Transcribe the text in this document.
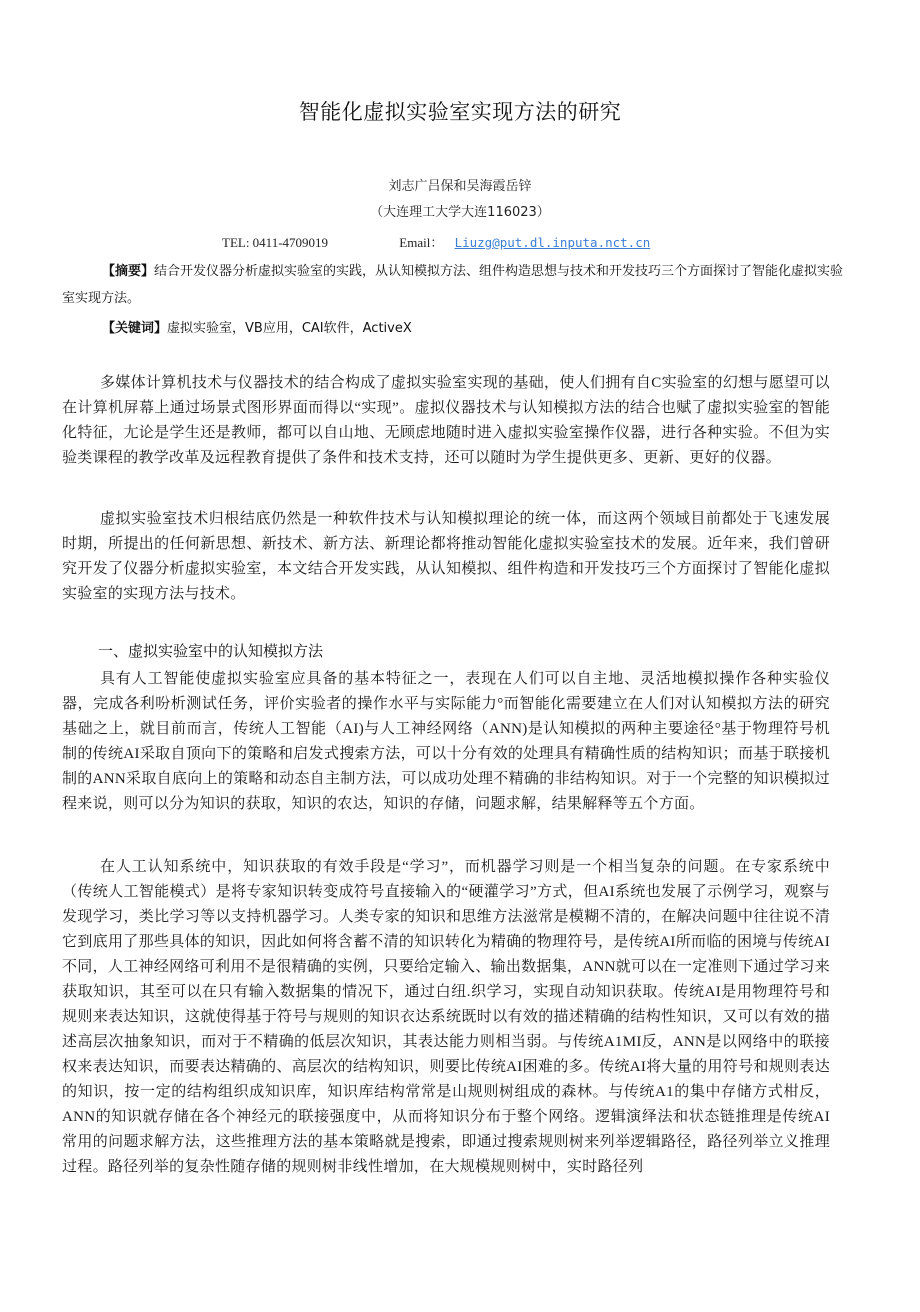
智能化虚拟实验室实现方法的研究
刘志广吕保和吴海霞岳锌
（大连理工大学大连116023）
TEL: 0411-4709019	Email： Liuzg@put.dl.inputa.nct.cn
【摘要】结合开发仪器分析虚拟实验室的实践，从认知模拟方法、组件构造思想与技术和开发技巧三个方面探讨了智能化虚拟实验室实现方法。
【关键词】虚拟实验室，VB应用，CAI软件，ActiveX

多媒体计算机技术与仪器技术的结合构成了虚拟实验室实现的基础，使人们拥有自C实验室的幻想与愿望可以在计算机屏幕上通过场景式图形界面而得以“实现”。虚拟仪器技术与认知模拟方法的结合也赋了虚拟实验室的智能化特征，尢论是学生还是教师，都可以自山地、无顾虑地随时进入虚拟实验室操作仪器，进行各种实验。不但为实验类课程的教学改革及远程教育提供了条件和技术支持，还可以随时为学生提供更多、更新、更好的仪器。

虚拟实验室技术归根结底仍然是一种软件技术与认知模拟理论的统一体，而这两个领域目前都处于飞速发展时期，所提出的任何新思想、新技术、新方法、新理论都将推动智能化虚拟实验室技术的发展。近年来，我们曾研究开发了仪器分析虚拟实验室，本文结合开发实践，从认知模拟、组件构造和开发技巧三个方面探讨了智能化虚拟实验室的实现方法与技术。

一、虚拟实验室中的认知模拟方法

具有人工智能使虚拟实验室应具备的基本特征之一，表现在人们可以自主地、灵活地模拟操作各种实验仪器，完成各利吩析测试任务，评价实验者的操作水平与实际能力°而智能化需要建立在人们对认知模拟方法的研究基础之上，就目前而言，传统人工智能（AI)与人工神经网络（ANN)是认知模拟的两种主要途径°基于物理符号机制的传统AI采取自顶向下的策略和启发式搜索方法，可以十分有效的处理具有精确性质的结构知识；而基于联接机制的ANN采取自底向上的策略和动态自主制方法，可以成功处理不精确的非结构知识。对于一个完整的知识模拟过程来说，则可以分为知识的获取，知识的农达，知识的存储，问题求解，结果解释等五个方面。

在人工认知系统中，知识获取的有效手段是“学习”，而机器学习则是一个相当复杂的问题。在专家系统中（传统人工智能模式）是将专家知识转变成符号直接输入的“硬灌学习”方式，但AI系统也发展了示例学习，观察与发现学习，类比学习等以支持机器学习。人类专家的知识和思维方法滋常是模糊不清的，在解决问题中往往说不清它到底用了那些具体的知识，因此如何将含蓄不清的知识转化为精确的物理符号，是传统AI所而临的困境与传统AI不同，人工神经网络可利用不是很精确的实例，只要给定输入、输出数据集，ANN就可以在一定准则下通过学习来获取知识，其至可以在只有输入数据集的情况下，通过白纽.织学习，实现自动知识获取。传统AI是用物理符号和规则来表达知识，这就使得基于符号与规则的知识衣达系统既时以有效的描述精确的结构性知识，又可以有效的描述高层次抽象知识，而对于不精确的低层次知识，其表达能力则相当弱。与传统A1MI反，ANN是以网络中的联接权来表达知识，而要表达精确的、高层次的结构知识，则要比传统AI困难的多。传统AI将大量的用符号和规则表达的知识，按一定的结构组织成知识库，知识库结构常常是山规则树组成的森林。与传统A1的集中存储方式柑反，ANN的知识就存储在各个神经元的联接强度中，从而将知识分布于整个网络。逻辑演绎法和状态链推理是传统AI常用的问题求解方法，这些推理方法的基本策略就是搜索，即通过搜索规则树来列举逻辑路径，路径列举立义推理过程。路径列举的复杂性随存储的规则树非线性增加，在大规模规则树中，实时路径列
